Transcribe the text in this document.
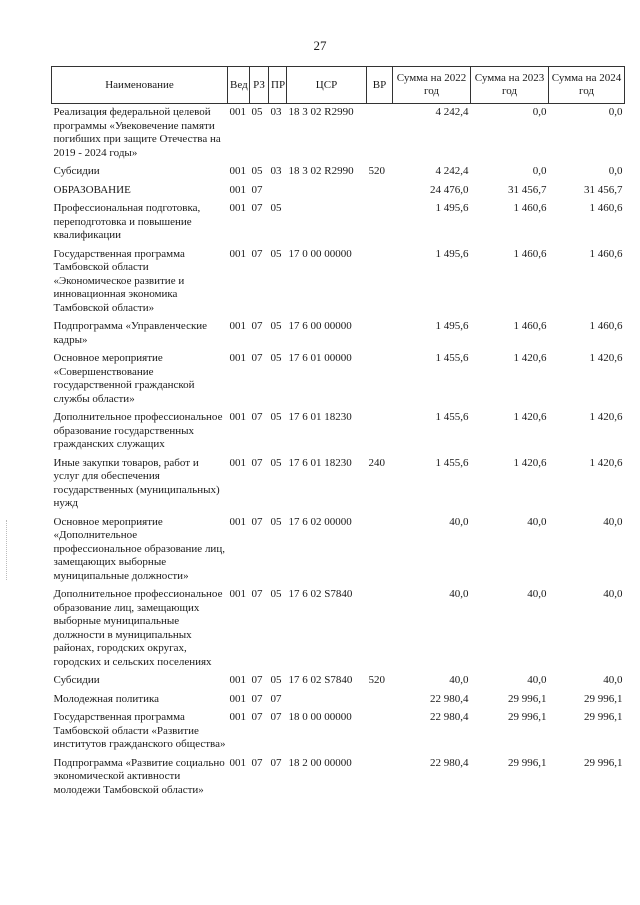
27
Наименование	Вед	РЗ	ПР	ЦСР	ВР	Сумма на 2022 год	Сумма на 2023 год	Сумма на 2024 год
Реализация федеральной целевой программы «Увековечение памяти погибших при защите Отечества на 2019 - 2024 годы»	001	05	03	18 3 02 R2990		4 242,4	0,0	0,0
Субсидии	001	05	03	18 3 02 R2990	520	4 242,4	0,0	0,0
ОБРАЗОВАНИЕ	001	07				24 476,0	31 456,7	31 456,7
Профессиональная подготовка, переподготовка и повышение квалификации	001	07	05			1 495,6	1 460,6	1 460,6
Государственная программа Тамбовской области «Экономическое развитие и инновационная экономика Тамбовской области»	001	07	05	17 0 00 00000		1 495,6	1 460,6	1 460,6
Подпрограмма «Управленческие кадры»	001	07	05	17 6 00 00000		1 495,6	1 460,6	1 460,6
Основное мероприятие «Совершенствование государственной гражданской службы области»	001	07	05	17 6 01 00000		1 455,6	1 420,6	1 420,6
Дополнительное профессиональное образование государственных гражданских служащих	001	07	05	17 6 01 18230		1 455,6	1 420,6	1 420,6
Иные закупки товаров, работ и услуг для обеспечения государственных (муниципальных) нужд	001	07	05	17 6 01 18230	240	1 455,6	1 420,6	1 420,6
Основное мероприятие «Дополнительное профессиональное образование лиц, замещающих выборные муниципальные должности»	001	07	05	17 6 02 00000		40,0	40,0	40,0
Дополнительное профессиональное образование лиц, замещающих выборные муниципальные должности в муниципальных районах, городских округах, городских и сельских поселениях	001	07	05	17 6 02 S7840		40,0	40,0	40,0
Субсидии	001	07	05	17 6 02 S7840	520	40,0	40,0	40,0
Молодежная политика	001	07	07			22 980,4	29 996,1	29 996,1
Государственная программа Тамбовской области «Развитие институтов гражданского общества»	001	07	07	18 0 00 00000		22 980,4	29 996,1	29 996,1
Подпрограмма «Развитие социально экономической активности молодежи Тамбовской области»	001	07	07	18 2 00 00000		22 980,4	29 996,1	29 996,1
